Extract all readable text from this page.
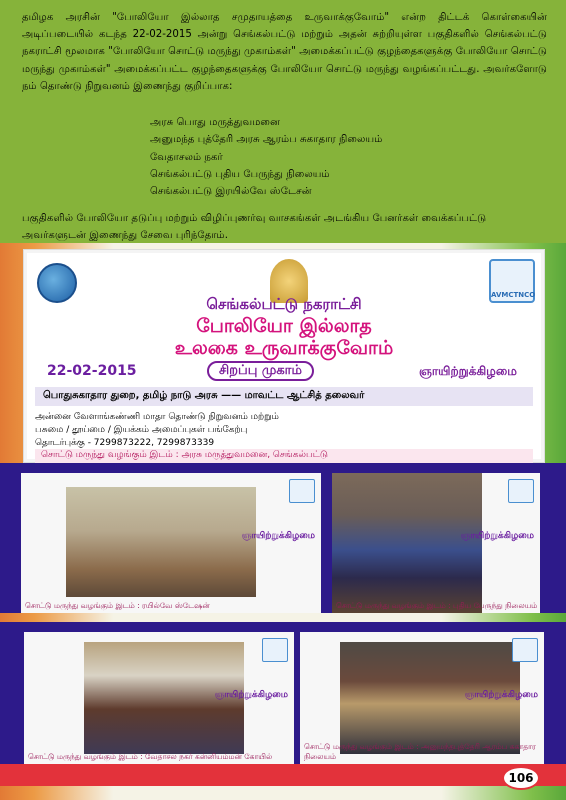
தமிழக அரசின் "போலியோ இல்லாத சமுதாயத்தை உருவாக்குவோம்" என்ற திட்டக் கொள்கையின் அடிப்படையில் கடந்த 22-02-2015 அன்று செங்கல்பட்டு மற்றும் அதன் சுற்றியுள்ள பகுதிகளில் செங்கல்பட்டு நகராட்சி மூலமாக "போலியோ சொட்டு மருந்து முகாம்கள்" அமைக்கப்பட்டு குழந்தைகளுக்கு போலியோ சொட்டு மருந்து முகாம்கள்" அமைக்கப்பட்ட குழந்தைகளுக்கு போலியோ சொட்டு மருந்து வழங்கப்பட்டது. அவர்களோடு நம் தொண்டு நிறுவனம் இணைந்து குறிப்பாக:
அரசு பொது மருத்துவமனை
அனுமந்த புத்தேரி அரசு ஆரம்ப சுகாதார நிலையம்
வேதாசலம் நகர்
செங்கல்பட்டு புதிய பேருந்து நிலையம்
செங்கல்பட்டு இரயில்வே ஸ்டேசன்
பகுதிகளில் போலியோ தடுப்பு மற்றும் விழிப்புணர்வு வாசகங்கள் அடங்கிய பேனர்கள் வைக்கப்பட்டு அவர்களுடன் இணைந்து சேவை புரிந்தோம்.
AVMCTNCO
செங்கல்பட்டு நகராட்சி
போலியோ இல்லாத
உலகை உருவாக்குவோம்
22-02-2015	சிறப்பு முகாம்	ஞாயிற்றுக்கிழமை
பொதுசுகாதார துறை, தமிழ் நாடு அரசு —— மாவட்ட ஆட்சித் தலைவர்
அன்னை வேளாங்கண்ணி மாதா தொண்டு நிறுவனம் மற்றும்
பசுமை / தூய்மை / இயக்கம் அமைப்புகள் பங்கேற்பு
தொடர்புக்கு - 7299873222, 7299873339
சொட்டு மருந்து வழங்கும் இடம் : அரசு மருத்துவமனை, செங்கல்பட்டு
ஞாயிற்றுக்கிழமை
சொட்டு மருந்து வழங்கும் இடம் : ரயில்வே ஸ்டேஷன்
ஞாயிற்றுக்கிழமை
சொட்டு மருந்து வழங்கும் இடம் : புதிய பேருந்து நிலையம்
ஞாயிற்றுக்கிழமை
சொட்டு மருந்து வழங்கும் இடம் : வேதாசல நகர் கன்னியம்மன் கோயில்
ஞாயிற்றுக்கிழமை
சொட்டு மருந்து வழங்கும் இடம் : அனுமந்தபுத்தேரி ஆரம்ப சுகாதார நிலையம்
106
